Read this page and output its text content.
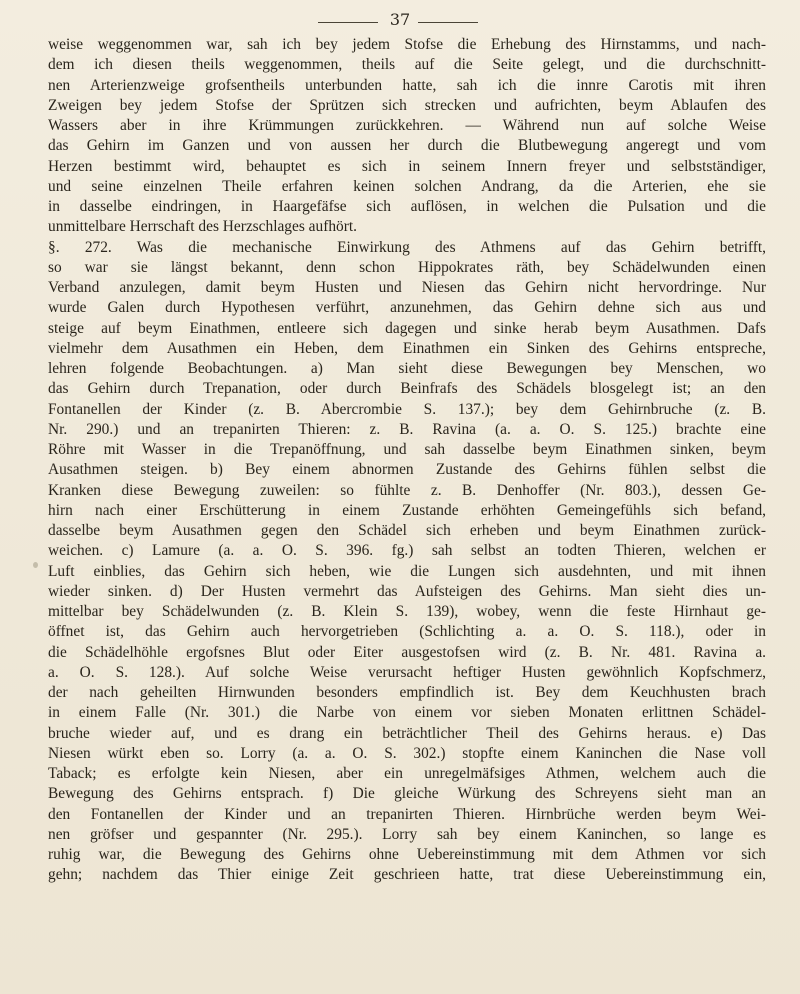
37
weise weggenommen war, sah ich bey jedem Stofse die Erhebung des Hirnstamms, und nach-
dem ich diesen theils weggenommen, theils auf die Seite gelegt, und die durchschnitt-
nen Arterienzweige grofsentheils unterbunden hatte, sah ich die innre Carotis mit ihren
Zweigen bey jedem Stofse der Sprützen sich strecken und aufrichten, beym Ablaufen des
Wassers aber in ihre Krümmungen zurückkehren. — Während nun auf solche Weise
das Gehirn im Ganzen und von aussen her durch die Blutbewegung angeregt und vom
Herzen bestimmt wird, behauptet es sich in seinem Innern freyer und selbstständiger,
und seine einzelnen Theile erfahren keinen solchen Andrang, da die Arterien, ehe sie
in dasselbe eindringen, in Haargefäfse sich auflösen, in welchen die Pulsation und die
unmittelbare Herrschaft des Herzschlages aufhört.
§. 272. Was die mechanische Einwirkung des Athmens auf das Gehirn betrifft,
so war sie längst bekannt, denn schon Hippokrates räth, bey Schädelwunden einen
Verband anzulegen, damit beym Husten und Niesen das Gehirn nicht hervordringe. Nur
wurde Galen durch Hypothesen verführt, anzunehmen, das Gehirn dehne sich aus und
steige auf beym Einathmen, entleere sich dagegen und sinke herab beym Ausathmen. Dafs
vielmehr dem Ausathmen ein Heben, dem Einathmen ein Sinken des Gehirns entspreche,
lehren folgende Beobachtungen. a) Man sieht diese Bewegungen bey Menschen, wo
das Gehirn durch Trepanation, oder durch Beinfrafs des Schädels blosgelegt ist; an den
Fontanellen der Kinder (z. B. Abercrombie S. 137.); bey dem Gehirnbruche (z. B.
Nr. 290.) und an trepanirten Thieren: z. B. Ravina (a. a. O. S. 125.) brachte eine
Röhre mit Wasser in die Trepanöffnung, und sah dasselbe beym Einathmen sinken, beym
Ausathmen steigen. b) Bey einem abnormen Zustande des Gehirns fühlen selbst die
Kranken diese Bewegung zuweilen: so fühlte z. B. Denhoffer (Nr. 803.), dessen Ge-
hirn nach einer Erschütterung in einem Zustande erhöhten Gemeingefühls sich befand,
dasselbe beym Ausathmen gegen den Schädel sich erheben und beym Einathmen zurück-
weichen. c) Lamure (a. a. O. S. 396. fg.) sah selbst an todten Thieren, welchen er
Luft einblies, das Gehirn sich heben, wie die Lungen sich ausdehnten, und mit ihnen
wieder sinken. d) Der Husten vermehrt das Aufsteigen des Gehirns. Man sieht dies un-
mittelbar bey Schädelwunden (z. B. Klein S. 139), wobey, wenn die feste Hirnhaut ge-
öffnet ist, das Gehirn auch hervorgetrieben (Schlichting a. a. O. S. 118.), oder in
die Schädelhöhle ergofsnes Blut oder Eiter ausgestofsen wird (z. B. Nr. 481. Ravina a.
a. O. S. 128.). Auf solche Weise verursacht heftiger Husten gewöhnlich Kopfschmerz,
der nach geheilten Hirnwunden besonders empfindlich ist. Bey dem Keuchhusten brach
in einem Falle (Nr. 301.) die Narbe von einem vor sieben Monaten erlittnen Schädel-
bruche wieder auf, und es drang ein beträchtlicher Theil des Gehirns heraus. e) Das
Niesen würkt eben so. Lorry (a. a. O. S. 302.) stopfte einem Kaninchen die Nase voll
Taback; es erfolgte kein Niesen, aber ein unregelmäfsiges Athmen, welchem auch die
Bewegung des Gehirns entsprach. f) Die gleiche Würkung des Schreyens sieht man an
den Fontanellen der Kinder und an trepanirten Thieren. Hirnbrüche werden beym Wei-
nen gröfser und gespannter (Nr. 295.). Lorry sah bey einem Kaninchen, so lange es
ruhig war, die Bewegung des Gehirns ohne Uebereinstimmung mit dem Athmen vor sich
gehn; nachdem das Thier einige Zeit geschrieen hatte, trat diese Uebereinstimmung ein,
